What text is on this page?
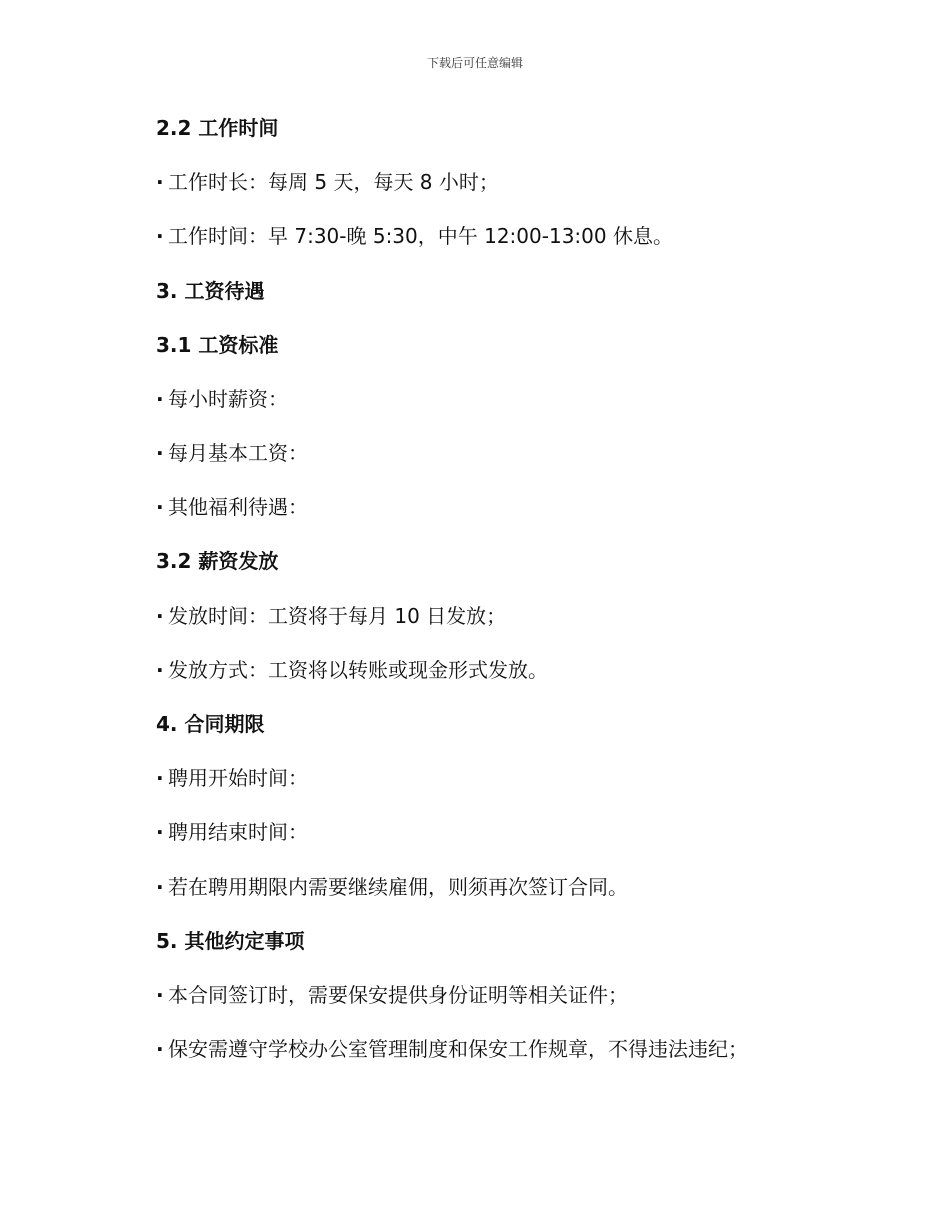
下载后可任意编辑
2.2 工作时间
· 工作时长：每周 5 天，每天 8 小时；
· 工作时间：早 7:30-晚 5:30，中午 12:00-13:00 休息。
3. 工资待遇
3.1 工资标准
· 每小时薪资：
· 每月基本工资：
· 其他福利待遇：
3.2 薪资发放
· 发放时间：工资将于每月 10 日发放；
· 发放方式：工资将以转账或现金形式发放。
4. 合同期限
· 聘用开始时间：
· 聘用结束时间：
· 若在聘用期限内需要继续雇佣，则须再次签订合同。
5. 其他约定事项
· 本合同签订时，需要保安提供身份证明等相关证件；
· 保安需遵守学校办公室管理制度和保安工作规章，不得违法违纪；
